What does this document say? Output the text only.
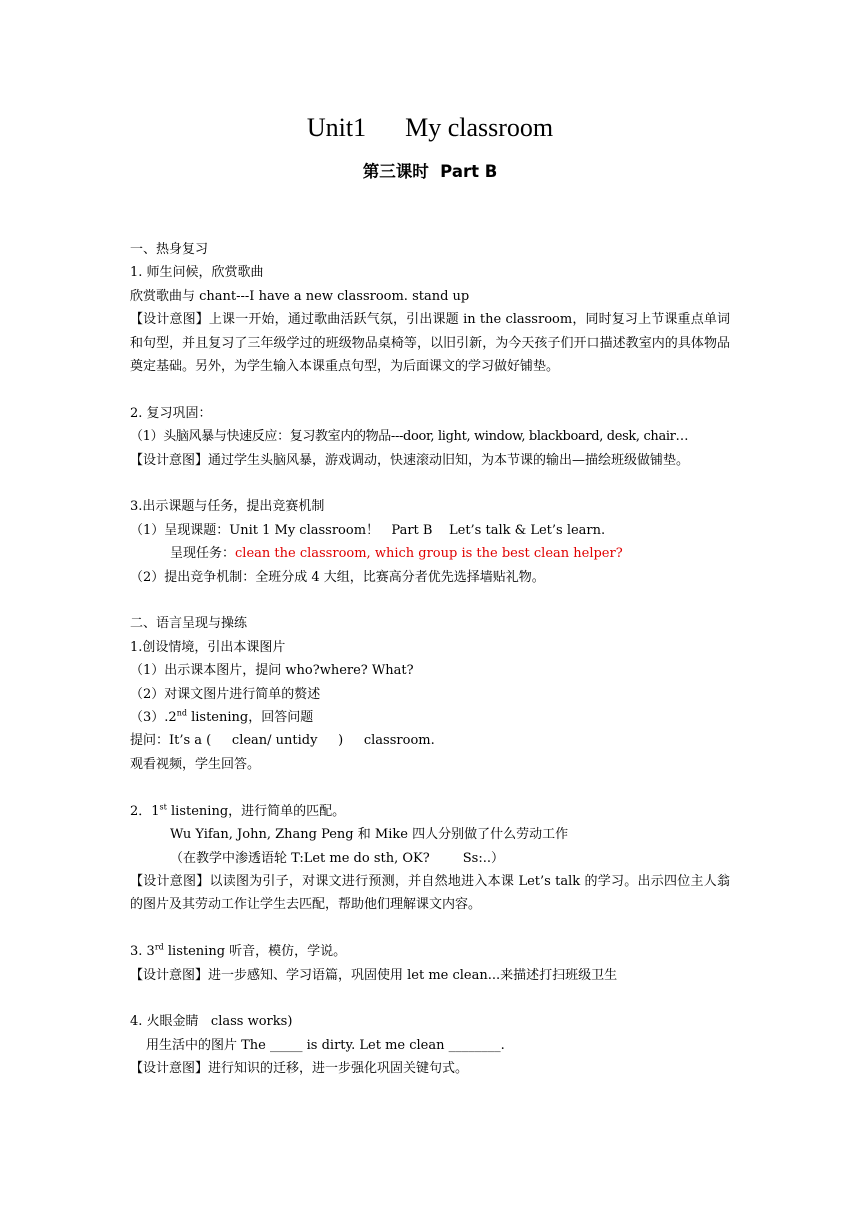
Unit1      My classroom
第三课时  Part B

一、热身复习

1. 师生问候，欣赏歌曲

欣赏歌曲与 chant---I have a new classroom. stand up

【设计意图】上课一开始，通过歌曲活跃气氛，引出课题 in the classroom，同时复习上节课重点单词和句型，并且复习了三年级学过的班级物品桌椅等，以旧引新，为今天孩子们开口描述教室内的具体物品奠定基础。另外，为学生输入本课重点句型，为后面课文的学习做好铺垫。

2. 复习巩固：

（1）头脑风暴与快速反应：复习教室内的物品---door, light, window, blackboard, desk, chair…

【设计意图】通过学生头脑风暴，游戏调动，快速滚动旧知，为本节课的输出—描绘班级做铺垫。

3.出示课题与任务，提出竞赛机制

（1）呈现课题：Unit 1 My classroom！   Part B    Let’s talk & Let’s learn.

呈现任务：clean the classroom, which group is the best clean helper?

（2）提出竞争机制：全班分成 4 大组，比赛高分者优先选择墙贴礼物。

二、语言呈现与操练

1.创设情境，引出本课图片

（1）出示课本图片，提问 who?where? What?

（2）对课文图片进行简单的赘述

（3）.2nd listening，回答问题

提问：It’s a (     clean/ untidy     )     classroom.

观看视频，学生回答。

2．1st listening，进行简单的匹配。

Wu Yifan, John, Zhang Peng 和 Mike 四人分别做了什么劳动工作

（在教学中渗透语轮 T:Let me do sth, OK?        Ss:..）

【设计意图】以读图为引子，对课文进行预测，并自然地进入本课 Let’s talk 的学习。出示四位主人翁的图片及其劳动工作让学生去匹配，帮助他们理解课文内容。

3. 3rd listening 听音，模仿，学说。

【设计意图】进一步感知、学习语篇，巩固使用 let me clean...来描述打扫班级卫生

4. 火眼金睛   class works)

用生活中的图片 The _____ is dirty. Let me clean ________.

【设计意图】进行知识的迁移，进一步强化巩固关键句式。
